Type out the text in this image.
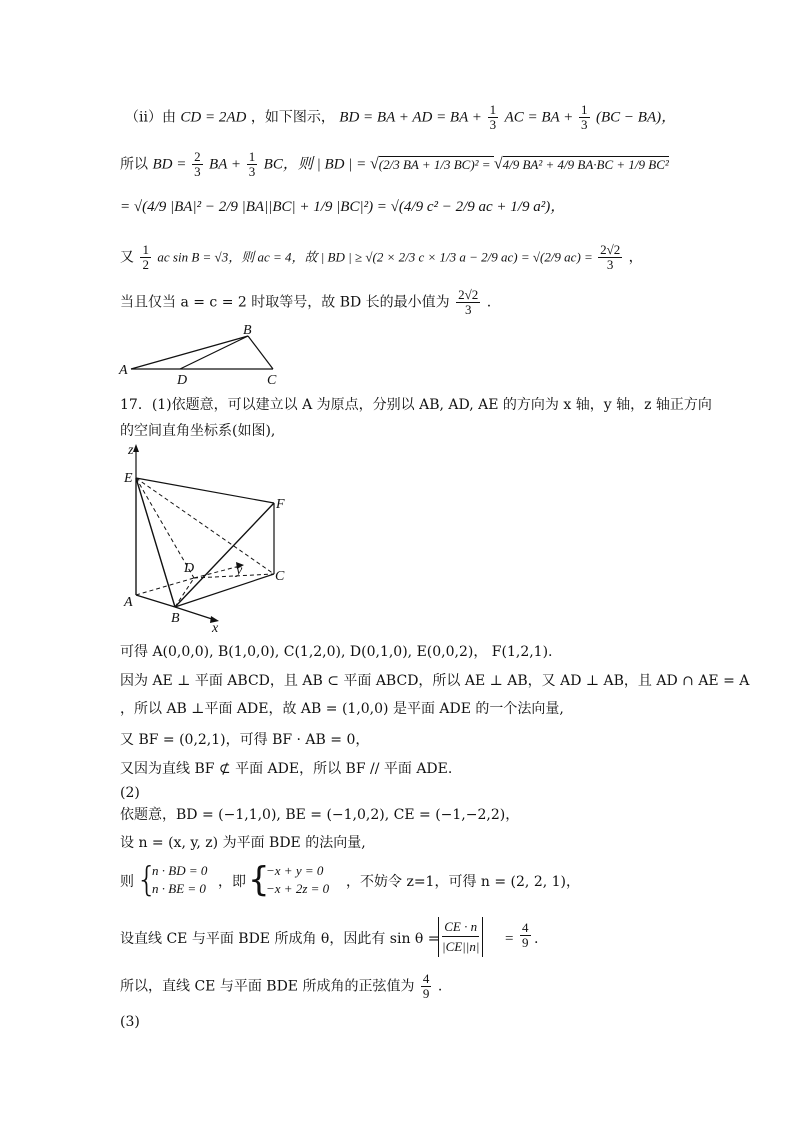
（ii）由 CD = 2AD ，如下图示， BD = BA + AD = BA + $\frac{1}{3}$ AC = BA + $\frac{1}{3} (BC - BA)$，
所以 BD = $\frac{2}{3}$ BA + $\frac{1}{3}$ BC，则 | BD | = √(2/3 BA + 1/3 BC)² = √4/9 BA² + 4/9 BA·BC + 1/9 BC²
= √(4/9 |BA|² − 2/9 |BA||BC| + 1/9 |BC|²) = √(4/9 c² − 2/9 ac + 1/9 a²)，
又 $\frac{1}{2}$ ac sin B = √3，则 ac = 4，故 | BD | ≥ √(2 × 2/3 c × 1/3 a − 2/9 ac) = √(2/9 $ac) = \frac{2√2}{3}$ ，
当且仅当 a = c = 2 时取等号，故 BD 长的最小值为 $\frac{2√2}{3}$ .
A
B
C
D
17．(1)依题意，可以建立以 A 为原点，分别以 AB, AD, AE 的方向为 x 轴，y 轴，z 轴正方向
的空间直角坐标系(如图),
z
E
F
D	y C
A
B
x
可得 A(0,0,0), B(1,0,0), C(1,2,0), D(0,1,0), E(0,0,2)， F(1,2,1).
因为 AE ⊥ 平面 ABCD，且 AB ⊂ 平面 ABCD，所以 AE ⊥ AB，又 AD ⊥ AB，且 AD ∩ AE = A
，所以 AB ⊥平面 ADE，故 AB = (1,0,0) 是平面 ADE 的一个法向量,
又 BF = (0,2,1)，可得 BF · AB = 0，
又因为直线 BF ⊄ 平面 ADE，所以 BF // 平面 ADE.
(2)
依题意，BD = (−1,1,0), BE = (−1,0,2), CE = (−1,−2,2)，
设 n = (x, y, z) 为平面 BDE 的法向量,
则 {
n · BD = 0
n · BE = 0 ，即 {
−x + y = 0
−x + 2z = 0 ，不妨令 z=1，可得 n = (2, 2, 1)，
设直线 CE 与平面 BDE 所成角 θ，因此有 sin θ =
CE · n
$|CE||n| = \frac{4}{9}$ .
所以，直线 CE 与平面 BDE 所成角的正弦值为 $\frac{4}{9}$ .
(3)
